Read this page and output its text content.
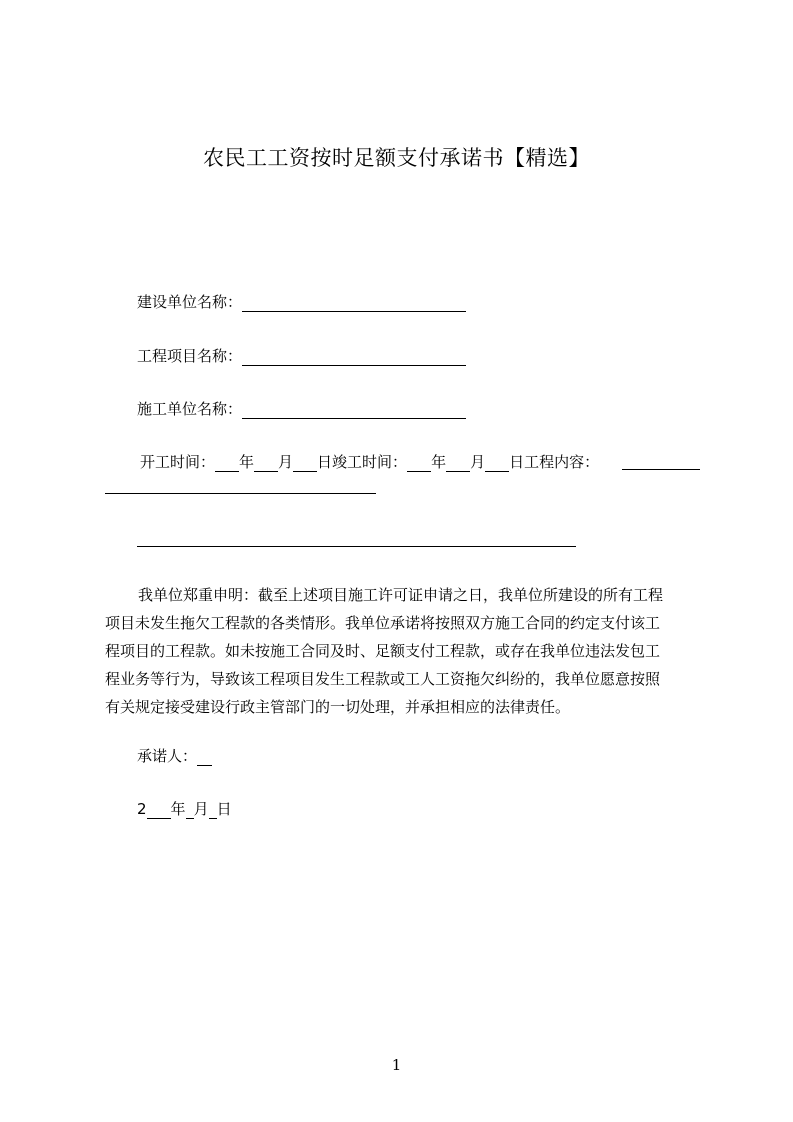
农民工工资按时足额支付承诺书【精选】
建设单位名称：
工程项目名称：
施工单位名称：
开工时间： 年 月 日竣工时间： 年 月 日工程内容：
我单位郑重申明：截至上述项目施工许可证申请之日，我单位所建设的所有工程
项目未发生拖欠工程款的各类情形。我单位承诺将按照双方施工合同的约定支付该工
程项目的工程款。如未按施工合同及时、足额支付工程款，或存在我单位违法发包工
程业务等行为，导致该工程项目发生工程款或工人工资拖欠纠纷的，我单位愿意按照
有关规定接受建设行政主管部门的一切处理，并承担相应的法律责任。
承诺人：
2 年 月 日
1
